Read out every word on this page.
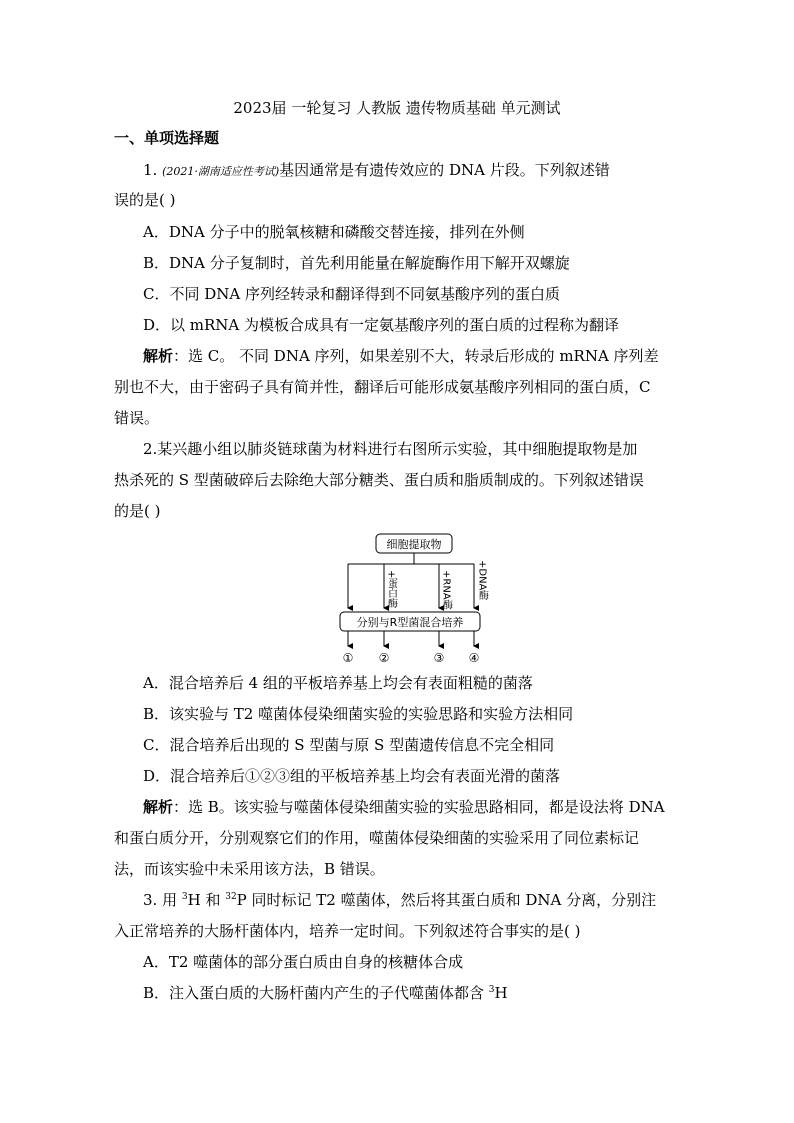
2023届 一轮复习 人教版 遗传物质基础 单元测试
一、单项选择题
1. (2021·湖南适应性考试)基因通常是有遗传效应的 DNA 片段。下列叙述错
误的是( )
A．DNA 分子中的脱氧核糖和磷酸交替连接，排列在外侧
B．DNA 分子复制时，首先利用能量在解旋酶作用下解开双螺旋
C．不同 DNA 序列经转录和翻译得到不同氨基酸序列的蛋白质
D．以 mRNA 为模板合成具有一定氨基酸序列的蛋白质的过程称为翻译
解析：选 C。 不同 DNA 序列，如果差别不大，转录后形成的 mRNA 序列差
别也不大，由于密码子具有简并性，翻译后可能形成氨基酸序列相同的蛋白质，C
错误。
2.某兴趣小组以肺炎链球菌为材料进行右图所示实验，其中细胞提取物是加
热杀死的 S 型菌破碎后去除绝大部分糖类、蛋白质和脂质制成的。下列叙述错误
的是( )
细胞提取物
+蛋白酶	+RNA酶	+DNA酶
分别与R型菌混合培养
① ②	③ ④
A．混合培养后 4 组的平板培养基上均会有表面粗糙的菌落
B．该实验与 T2 噬菌体侵染细菌实验的实验思路和实验方法相同
C．混合培养后出现的 S 型菌与原 S 型菌遗传信息不完全相同
D．混合培养后①②③组的平板培养基上均会有表面光滑的菌落
解析：选 B。该实验与噬菌体侵染细菌实验的实验思路相同，都是设法将 DNA
和蛋白质分开，分别观察它们的作用，噬菌体侵染细菌的实验采用了同位素标记
法，而该实验中未采用该方法，B 错误。
3. 用 $^3$H 和 $^{32}$P 同时标记 T2 噬菌体，然后将其蛋白质和 DNA 分离，分别注
入正常培养的大肠杆菌体内，培养一定时间。下列叙述符合事实的是( )
A．T2 噬菌体的部分蛋白质由自身的核糖体合成
B．注入蛋白质的大肠杆菌内产生的子代噬菌体都含 $^3$H
